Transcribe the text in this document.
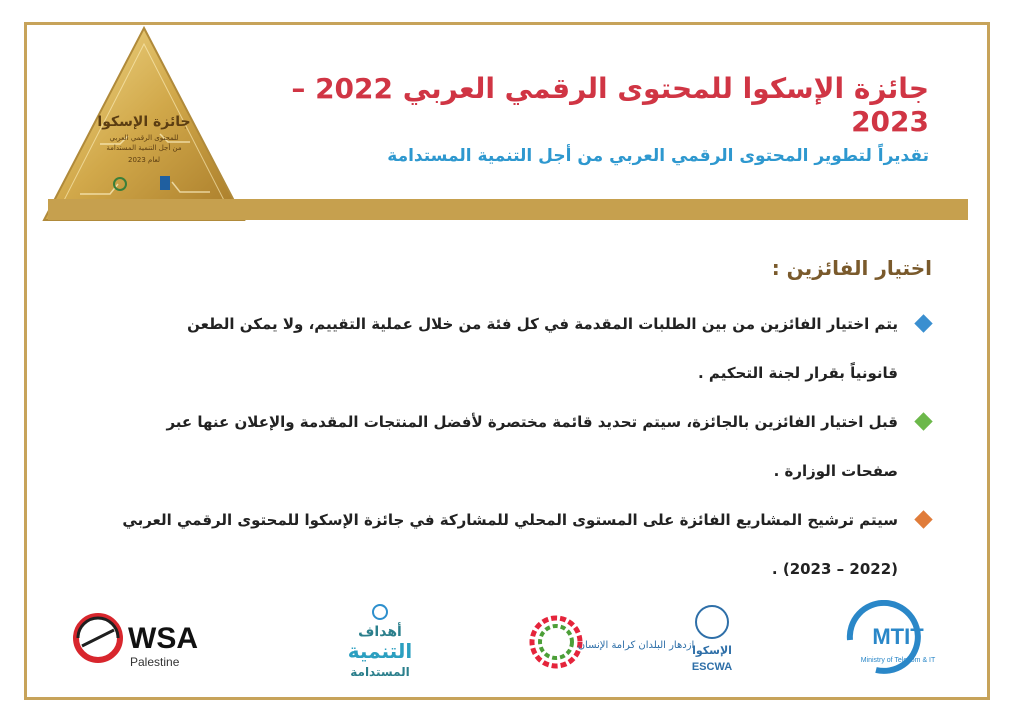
جائزة الإسكوا
للمحتوى الرقمي العربي
من أجل التنمية المستدامة
لعام 2023
جائزة الإسكوا للمحتوى الرقمي العربي 2022 – 2023
تقديراً لتطوير المحتوى الرقمي العربي من أجل التنمية المستدامة
اختيار الفائزين :
يتم اختيار الفائزين من بين الطلبات المقدمة في كل فئة من خلال عملية التقييم، ولا يمكن الطعن
قانونياً بقرار لجنة التحكيم .
قبل اختيار الفائزين بالجائزة، سيتم تحديد قائمة مختصرة لأفضل المنتجات المقدمة والإعلان عنها عبر
صفحات الوزارة .
سيتم ترشيح المشاريع الفائزة على المستوى المحلي للمشاركة في جائزة الإسكوا للمحتوى الرقمي العربي
(2022 – 2023) .
WSA
Palestine
أهداف
التنمية
المستدامة
ازدهار البلدان كرامة الإنسان
الإسكوا
ESCWA
MTIT
Ministry of Telecom & IT
